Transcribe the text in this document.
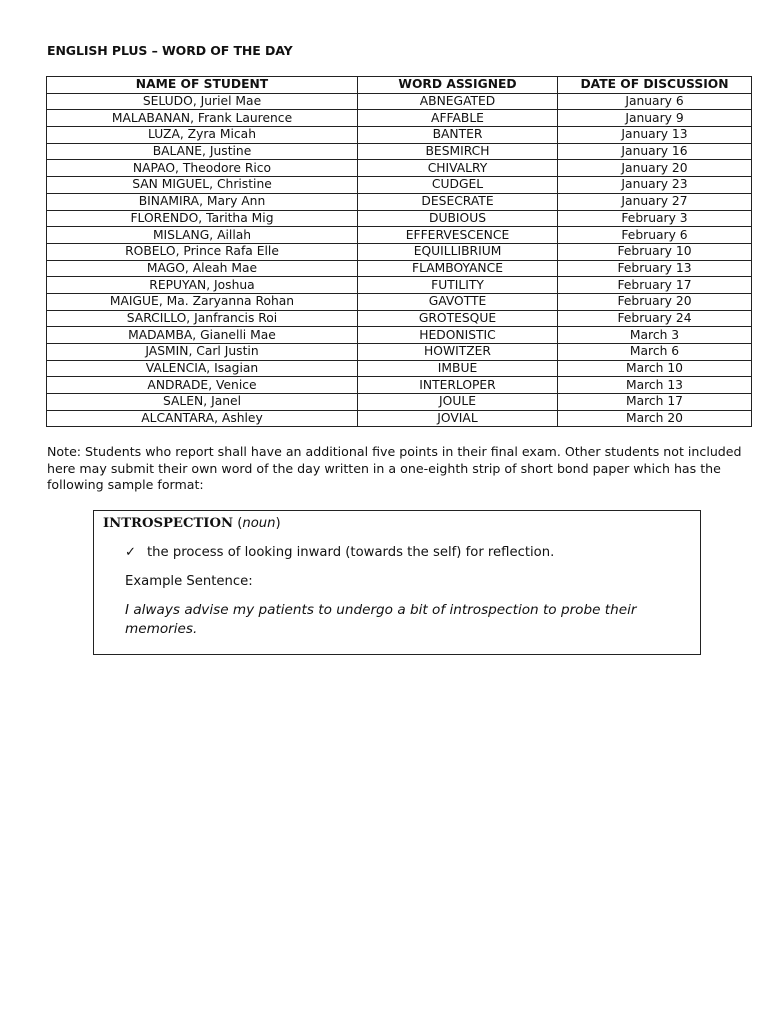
ENGLISH PLUS – WORD OF THE DAY
NAME OF STUDENT	WORD ASSIGNED	DATE OF DISCUSSION
SELUDO, Juriel Mae	ABNEGATED	January 6
MALABANAN, Frank Laurence	AFFABLE	January 9
LUZA, Zyra Micah	BANTER	January 13
BALANE, Justine	BESMIRCH	January 16
NAPAO, Theodore Rico	CHIVALRY	January 20
SAN MIGUEL, Christine	CUDGEL	January 23
BINAMIRA, Mary Ann	DESECRATE	January 27
FLORENDO, Taritha Mig	DUBIOUS	February 3
MISLANG, Aillah	EFFERVESCENCE	February 6
ROBELO, Prince Rafa Elle	EQUILLIBRIUM	February 10
MAGO, Aleah Mae	FLAMBOYANCE	February 13
REPUYAN, Joshua	FUTILITY	February 17
MAIGUE, Ma. Zaryanna Rohan	GAVOTTE	February 20
SARCILLO, Janfrancis Roi	GROTESQUE	February 24
MADAMBA, Gianelli Mae	HEDONISTIC	March 3
JASMIN, Carl Justin	HOWITZER	March 6
VALENCIA, Isagian	IMBUE	March 10
ANDRADE, Venice	INTERLOPER	March 13
SALEN, Janel	JOULE	March 17
ALCANTARA, Ashley	JOVIAL	March 20
Note: Students who report shall have an additional five points in their final exam. Other students not included here may submit their own word of the day written in a one-eighth strip of short bond paper which has the following sample format:
INTROSPECTION (noun)
✓ the process of looking inward (towards the self) for reflection.
Example Sentence:
I always advise my patients to undergo a bit of introspection to probe their memories.
